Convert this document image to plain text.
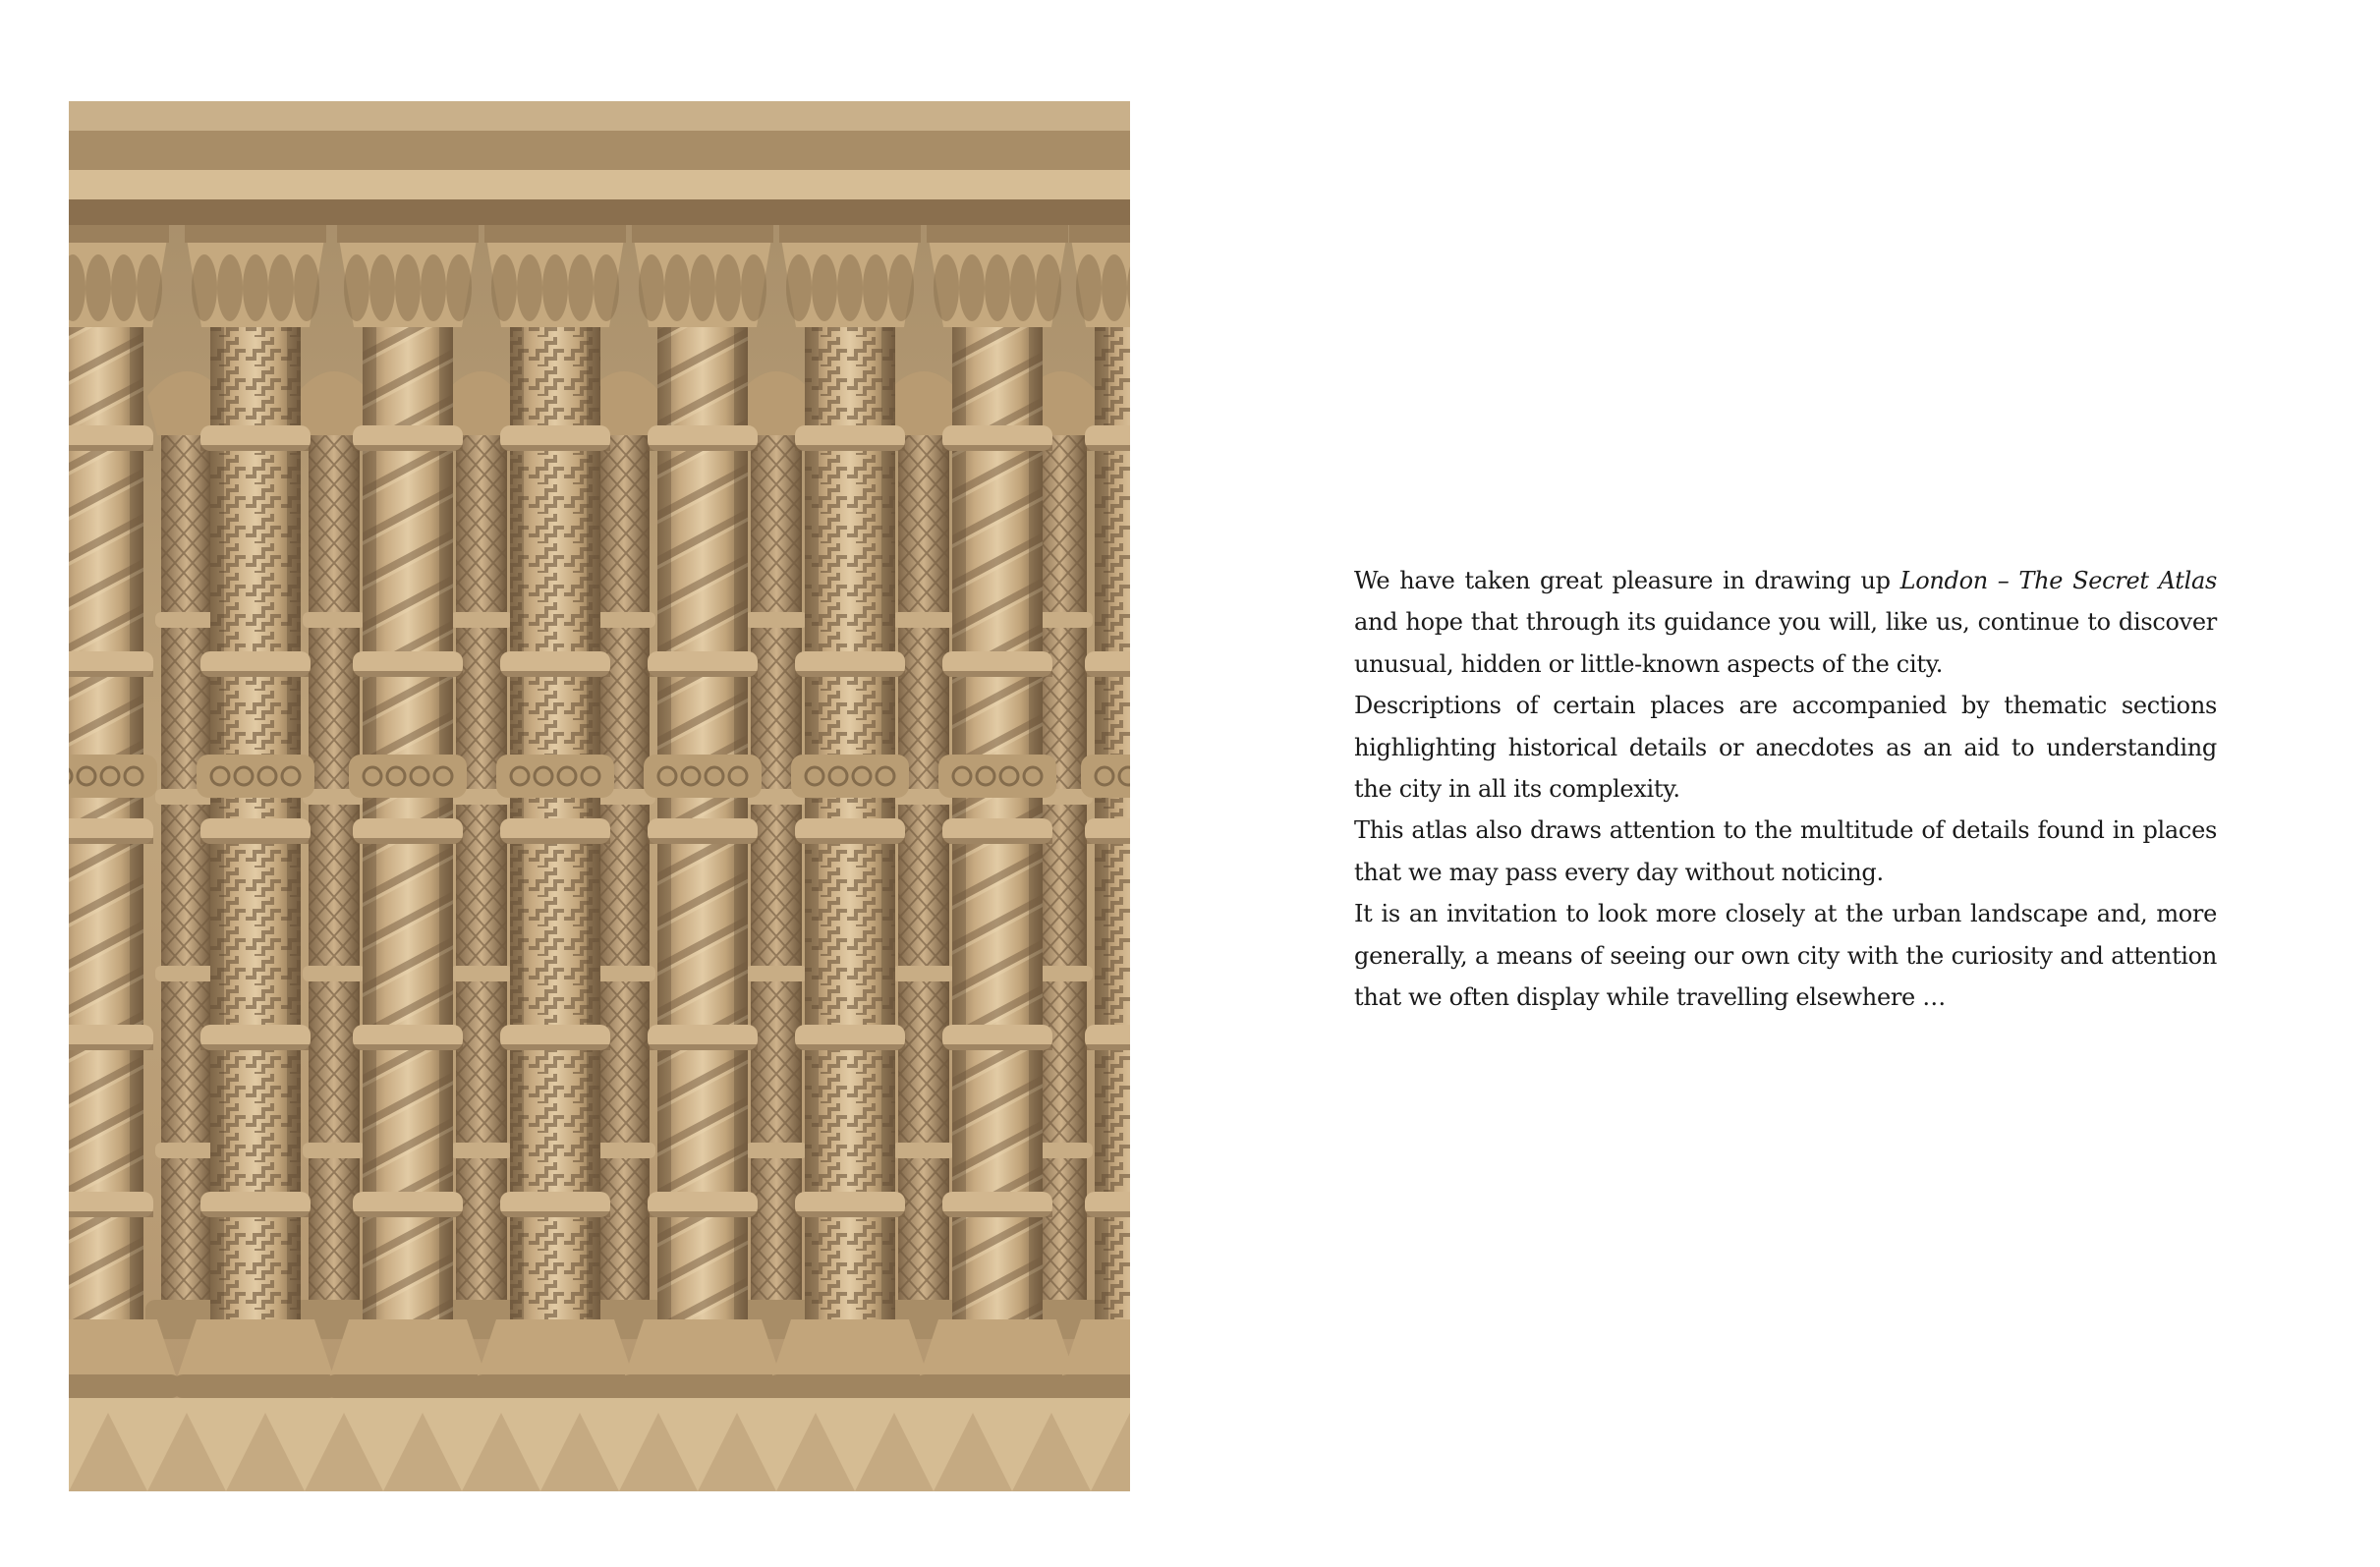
We have taken great pleasure in drawing up London – The Secret Atlas and hope that through its guidance you will, like us, continue to discover unusual, hidden or little-known aspects of the city.

Descriptions of certain places are accompanied by thematic sections highlighting historical details or anecdotes as an aid to understanding the city in all its complexity.

This atlas also draws attention to the multitude of details found in places that we may pass every day without noticing.

It is an invitation to look more closely at the urban landscape and, more generally, a means of seeing our own city with the curiosity and attention that we often display while travelling elsewhere …
